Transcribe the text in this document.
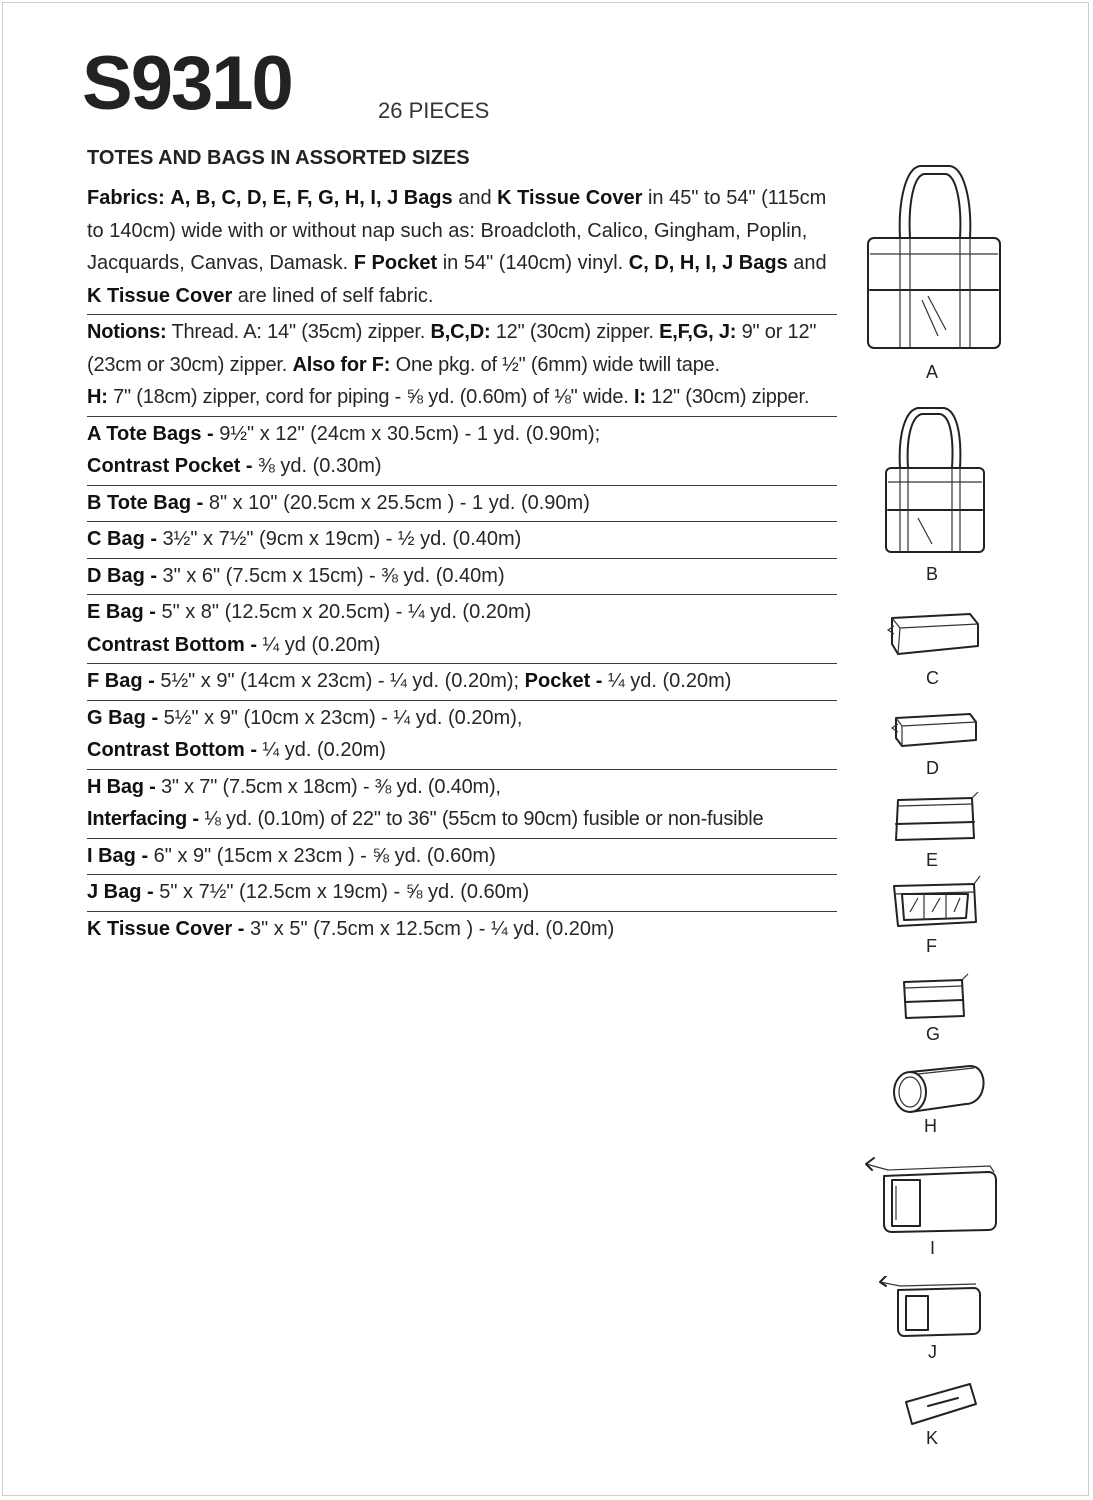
S9310	26 PIECES
TOTES AND BAGS IN ASSORTED SIZES
Fabrics: A, B, C, D, E, F, G, H, I, J Bags and K Tissue Cover in 45" to 54" (115cm to 140cm) wide with or without nap such as: Broadcloth, Calico, Gingham, Poplin, Jacquards, Canvas, Damask. F Pocket in 54" (140cm) vinyl. C, D, H, I, J Bags and K Tissue Cover are lined of self fabric.
Notions: Thread. A: 14" (35cm) zipper. B,C,D: 12" (30cm) zipper. E,F,G, J: 9" or 12" (23cm or 30cm) zipper. Also for F: One pkg. of ½" (6mm) wide twill tape.
H: 7" (18cm) zipper, cord for piping - ⅝ yd. (0.60m) of ⅛" wide. I: 12" (30cm) zipper.
A Tote Bags - 9½" x 12" (24cm x 30.5cm) - 1 yd. (0.90m);
Contrast Pocket - ⅜ yd. (0.30m)
B Tote Bag - 8" x 10" (20.5cm x 25.5cm ) - 1 yd. (0.90m)
C Bag - 3½" x 7½" (9cm x 19cm) - ½ yd. (0.40m)
D Bag - 3" x 6" (7.5cm x 15cm) - ⅜ yd. (0.40m)
E Bag - 5" x 8" (12.5cm x 20.5cm) - ¼ yd. (0.20m)
Contrast Bottom - ¼ yd (0.20m)
F Bag - 5½" x 9" (14cm x 23cm) - ¼ yd. (0.20m); Pocket - ¼ yd. (0.20m)
G Bag - 5½" x 9" (10cm x 23cm) - ¼ yd. (0.20m),
Contrast Bottom - ¼ yd. (0.20m)
H Bag - 3" x 7" (7.5cm x 18cm) - ⅜ yd. (0.40m),
Interfacing - ⅛ yd. (0.10m) of 22" to 36" (55cm to 90cm) fusible or non-fusible
I Bag - 6" x 9" (15cm x 23cm ) - ⅝ yd. (0.60m)
J Bag - 5" x 7½" (12.5cm x 19cm) - ⅝ yd. (0.60m)
K Tissue Cover - 3" x 5" (7.5cm x 12.5cm ) - ¼ yd. (0.20m)
A
B
C
D
E
F
G
H
I
J
K
